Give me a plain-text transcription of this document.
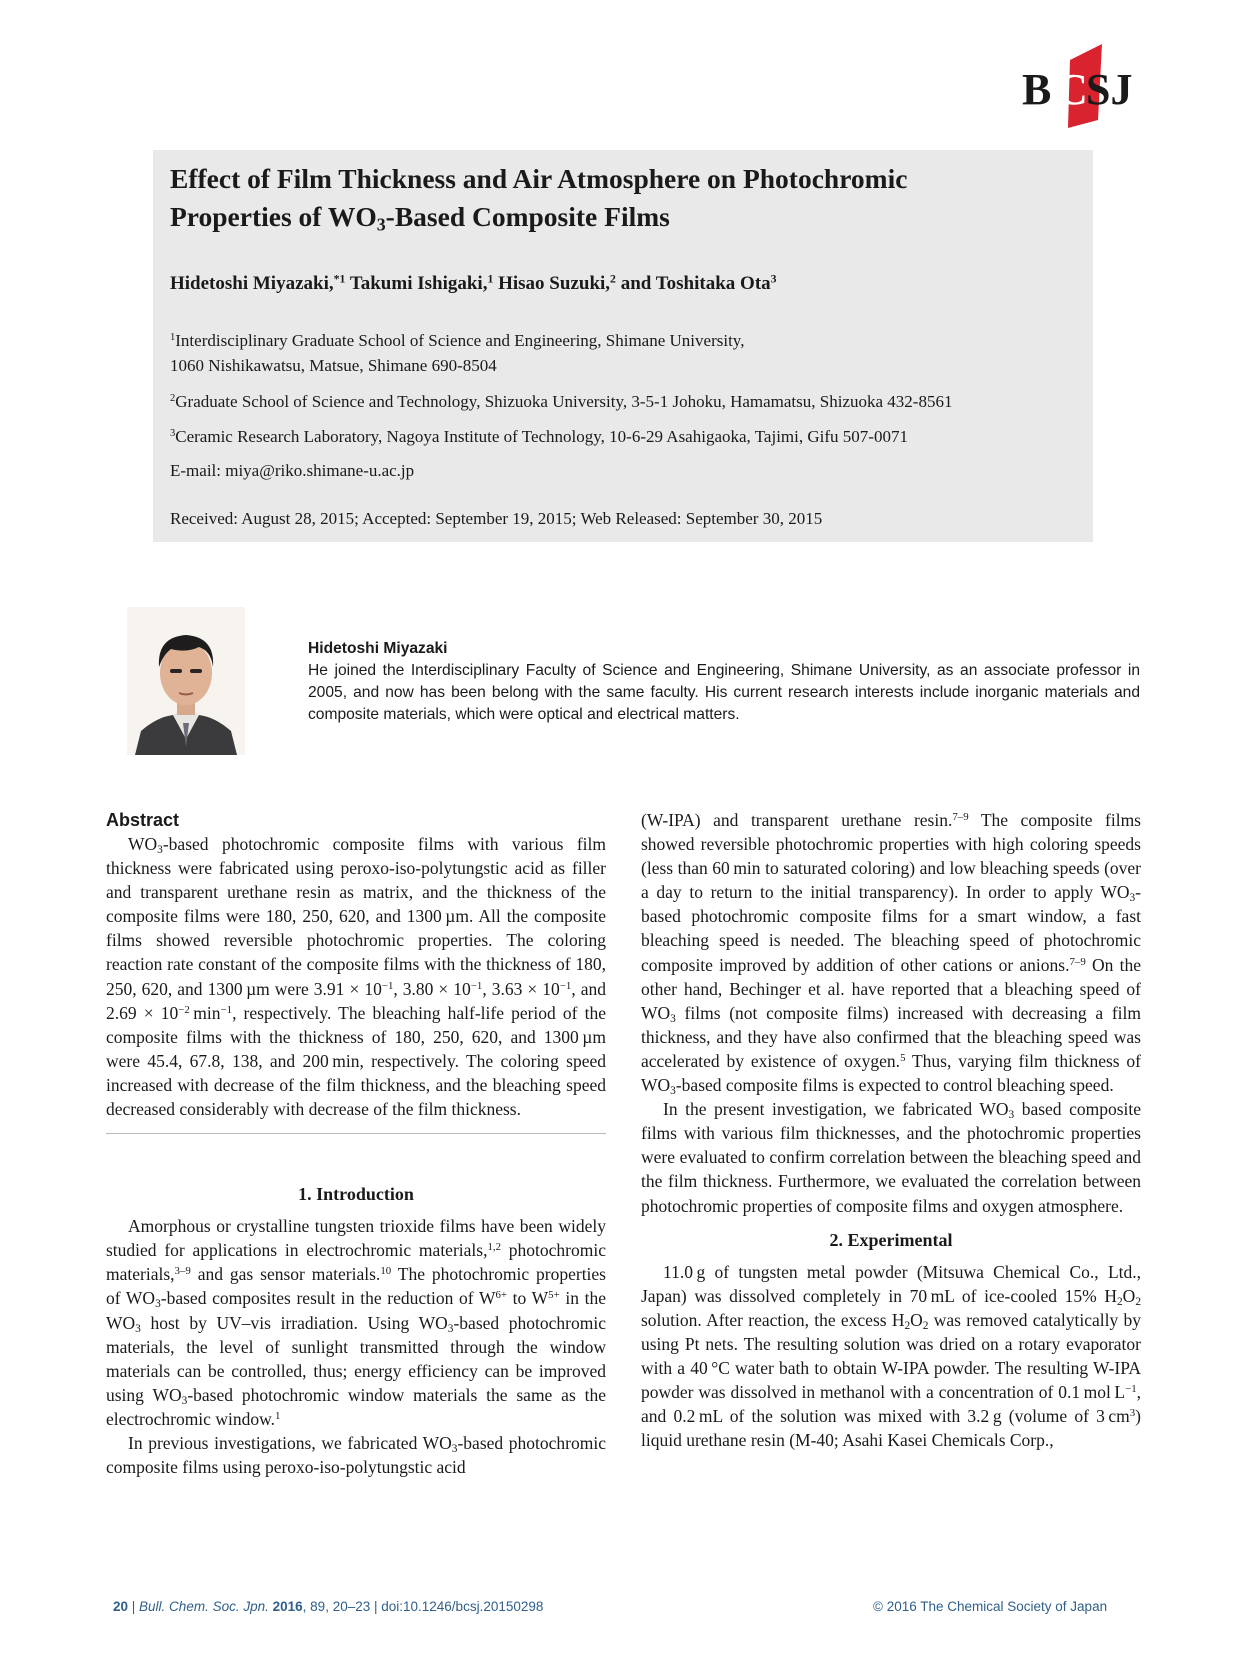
B C
SJ
Effect of Film Thickness and Air Atmosphere on Photochromic
Properties of $WO_3$-Based Composite Films
Hidetoshi Miyazaki,$^{*1}$ Takumi Ishigaki,$^1$ Hisao Suzuki,$^2$ and Toshitaka Ota$^3$
$^1$Interdisciplinary Graduate School of Science and Engineering, Shimane University,
1060 Nishikawatsu, Matsue, Shimane 690-8504
$^2$Graduate School of Science and Technology, Shizuoka University, 3-5-1 Johoku, Hamamatsu, Shizuoka 432-8561
$^3$Ceramic Research Laboratory, Nagoya Institute of Technology, 10-6-29 Asahigaoka, Tajimi, Gifu 507-0071
E-mail: miya@riko.shimane-u.ac.jp
Received: August 28, 2015; Accepted: September 19, 2015; Web Released: September 30, 2015
Hidetoshi Miyazaki
He joined the Interdisciplinary Faculty of Science and Engineering, Shimane University, as an associate professor in 2005, and now has been belong with the same faculty. His current research interests include inorganic materials and composite materials, which were optical and electrical matters.

Abstract

$WO_3$-based photochromic composite films with various film thickness were fabricated using peroxo-iso-polytungstic acid as filler and transparent urethane resin as matrix, and the thickness of the composite films were 180, 250, 620, and 1300 µm. All the composite films showed reversible photochromic properties. The coloring reaction rate constant of the composite films with the thickness of 180, 250, 620, and 1300 µm were $3.91 \times 10^{-1}$, $3.80 \times 10^{-1}$, $3.63 \times 10^{-1}$, and $2.69 \times 10^{-2}$ $\min^{-1}$, respectively. The bleaching half-life period of the composite films with the thickness of 180, 250, 620, and 1300 µm were 45.4, 67.8, 138, and 200 min, respectively. The coloring speed increased with decrease of the film thickness, and the bleaching speed decreased considerably with decrease of the film thickness.

1. Introduction

Amorphous or crystalline tungsten trioxide films have been widely studied for applications in electrochromic materials,$^{1,2}$ photochromic materials,$^{3-9}$ and gas sensor materials.$^{10}$ The photochromic properties of $WO_3$-based composites result in the reduction of $W^{6+}$ to $W^{5+}$ in the $WO_3$ host by UV–vis irradiation. Using $WO_3$-based photochromic materials, the level of sunlight transmitted through the window materials can be controlled, thus; energy efficiency can be improved using $WO_3$-based photochromic window materials the same as the electrochromic window.$^1$

In previous investigations, we fabricated $WO_3$-based photochromic composite films using peroxo-iso-polytungstic acid

(W-IPA) and transparent urethane resin.$^{7-9}$ The composite films showed reversible photochromic properties with high coloring speeds (less than 60 min to saturated coloring) and low bleaching speeds (over a day to return to the initial transparency). In order to apply $WO_3$-based photochromic composite films for a smart window, a fast bleaching speed is needed. The bleaching speed of photochromic composite improved by addition of other cations or anions.$^{7-9}$ On the other hand, Bechinger et al. have reported that a bleaching speed of $WO_3$ films (not composite films) increased with decreasing a film thickness, and they have also confirmed that the bleaching speed was accelerated by existence of oxygen.$^5$ Thus, varying film thickness of $WO_3$-based composite films is expected to control bleaching speed.

In the present investigation, we fabricated $WO_3$ based composite films with various film thicknesses, and the photochromic properties were evaluated to confirm correlation between the bleaching speed and the film thickness. Furthermore, we evaluated the correlation between photochromic properties of composite films and oxygen atmosphere.

2. Experimental

11.0 g of tungsten metal powder (Mitsuwa Chemical Co., Ltd., Japan) was dissolved completely in 70 mL of ice-cooled 15% $H_2O_2$ solution. After reaction, the excess $H_2O_2$ was removed catalytically by using Pt nets. The resulting solution was dried on a rotary evaporator with a 40 °C water bath to obtain W-IPA powder. The resulting W-IPA powder was dissolved in methanol with a concentration of 0.1 mol $L^{-1}$, and 0.2 mL of the solution was mixed with 3.2 g (volume of 3 $cm^3$) liquid urethane resin (M-40; Asahi Kasei Chemicals Corp.,

20 | Bull. Chem. Soc. Jpn. 2016, 89, 20–23 | doi:10.1246/bcsj.20150298	© 2016 The Chemical Society of Japan
